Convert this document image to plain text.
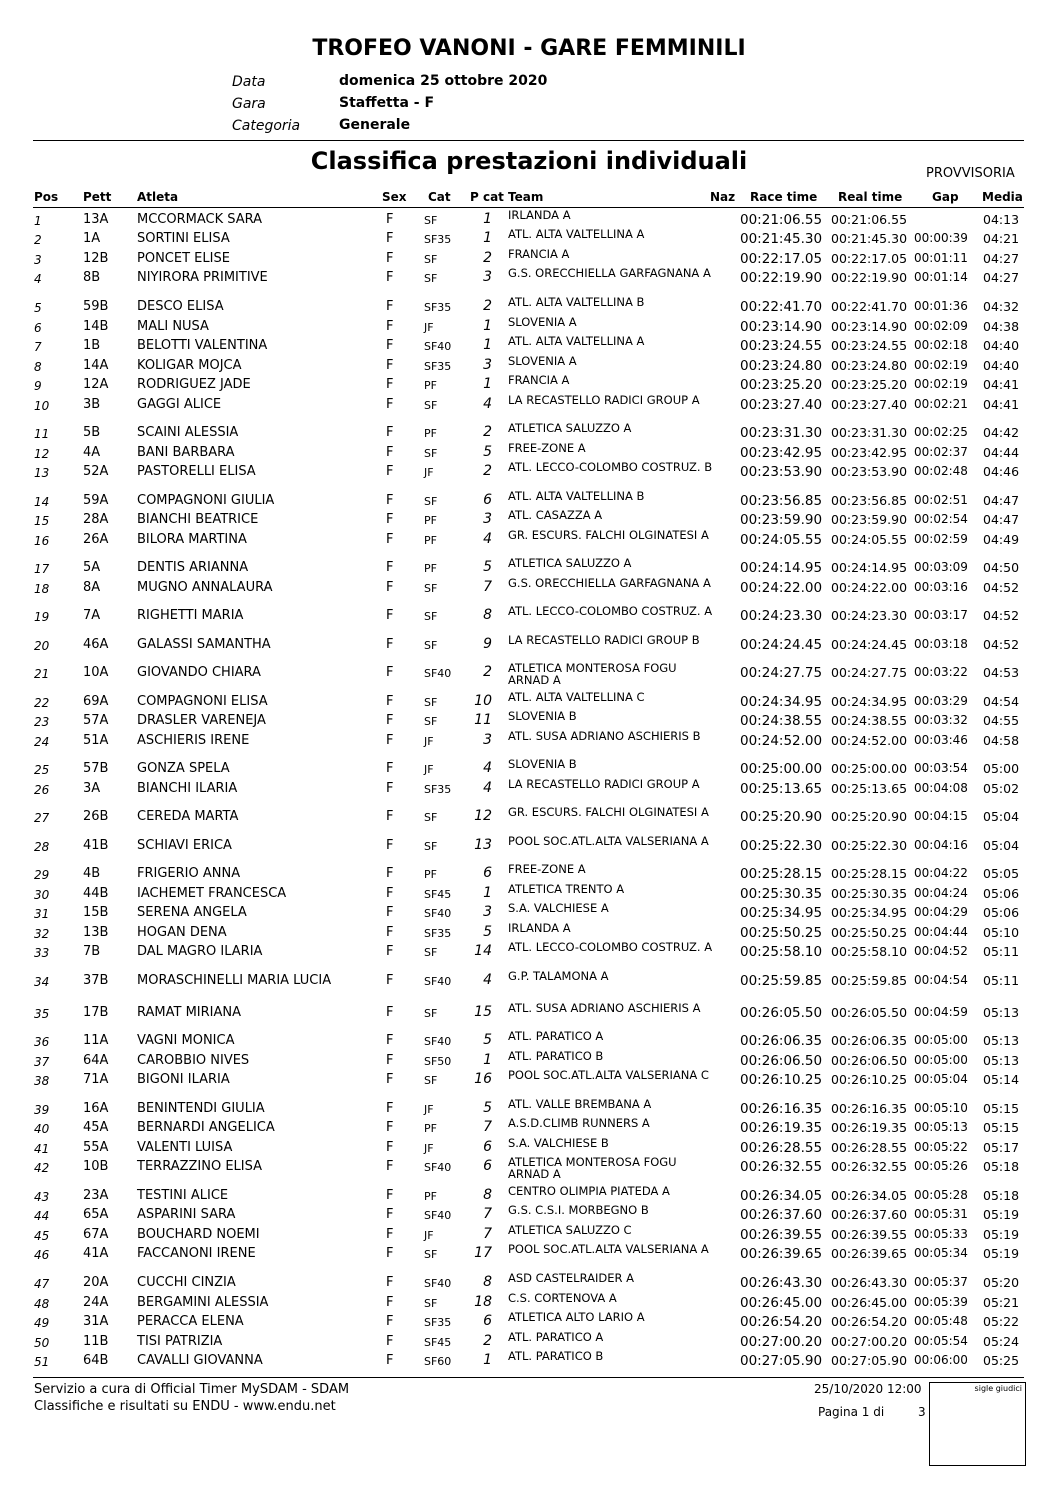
TROFEO VANONI - GARE FEMMINILI
Data	domenica 25 ottobre 2020
Gara	Staffetta - F
Categoria	Generale
Classifica prestazioni individuali	PROVVISORIA
Pos Pett Atleta	Sex Cat P cat Team	Naz Race time Real time Gap Media
1	13A MCCORMACK SARA	F	SF	1 IRLANDA A	00:21:06.55 00:21:06.55	04:13
2	1A	SORTINI ELISA	F	SF35	1 ATL. ALTA VALTELLINA A	00:21:45.30 00:21:45.30 00:00:39 04:21
3	12B PONCET ELISE	F	SF	2 FRANCIA A	00:22:17.05 00:22:17.05 00:01:11 04:27
4	8B	NIYIRORA PRIMITIVE	F	SF	3 G.S. ORECCHIELLA GARFAGNANA A 00:22:19.90 00:22:19.90 00:01:14 04:27
5	59B DESCO ELISA	F	SF35	2 ATL. ALTA VALTELLINA B	00:22:41.70 00:22:41.70 00:01:36 04:32
6	14B MALI NUSA	F	JF	1 SLOVENIA A	00:23:14.90 00:23:14.90 00:02:09 04:38
7	1B	BELOTTI VALENTINA	F	SF40	1 ATL. ALTA VALTELLINA A	00:23:24.55 00:23:24.55 00:02:18 04:40
8	14A KOLIGAR MOJCA	F	SF35	3 SLOVENIA A	00:23:24.80 00:23:24.80 00:02:19 04:40
9	12A RODRIGUEZ JADE	F	PF	1 FRANCIA A	00:23:25.20 00:23:25.20 00:02:19 04:41
10	3B	GAGGI ALICE	F	SF	4 LA RECASTELLO RADICI GROUP A	00:23:27.40 00:23:27.40 00:02:21 04:41
11	5B	SCAINI ALESSIA	F	PF	2 ATLETICA SALUZZO A	00:23:31.30 00:23:31.30 00:02:25 04:42
12	4A	BANI BARBARA	F	SF	5 FREE-ZONE A	00:23:42.95 00:23:42.95 00:02:37 04:44
13	52A PASTORELLI ELISA	F	JF	2 ATL. LECCO-COLOMBO COSTRUZ. B 00:23:53.90 00:23:53.90 00:02:48 04:46
14	59A COMPAGNONI GIULIA	F	SF	6 ATL. ALTA VALTELLINA B	00:23:56.85 00:23:56.85 00:02:51 04:47
15	28A BIANCHI BEATRICE	F	PF	3 ATL. CASAZZA A	00:23:59.90 00:23:59.90 00:02:54 04:47
16	26A BILORA MARTINA	F	PF	4 GR. ESCURS. FALCHI OLGINATESI A	00:24:05.55 00:24:05.55 00:02:59 04:49
17	5A	DENTIS ARIANNA	F	PF	5 ATLETICA SALUZZO A	00:24:14.95 00:24:14.95 00:03:09 04:50
18	8A	MUGNO ANNALAURA	F	SF	7 G.S. ORECCHIELLA GARFAGNANA A 00:24:22.00 00:24:22.00 00:03:16 04:52
19	7A	RIGHETTI MARIA	F	SF	8 ATL. LECCO-COLOMBO COSTRUZ. A 00:24:23.30 00:24:23.30 00:03:17 04:52
20	46A GALASSI SAMANTHA	F	SF	9 LA RECASTELLO RADICI GROUP B	00:24:24.45 00:24:24.45 00:03:18 04:52
21	10A GIOVANDO CHIARA	F	SF40	2 ATLETICA MONTEROSA FOGU ARNAD A	00:24:27.75 00:24:27.75 00:03:22 04:53
22	69A COMPAGNONI ELISA	F	SF	10 ATL. ALTA VALTELLINA C	00:24:34.95 00:24:34.95 00:03:29 04:54
23	57A DRASLER VARENEJA	F	SF	11 SLOVENIA B	00:24:38.55 00:24:38.55 00:03:32 04:55
24	51A ASCHIERIS IRENE	F	JF	3 ATL. SUSA ADRIANO ASCHIERIS B	00:24:52.00 00:24:52.00 00:03:46 04:58
25	57B GONZA SPELA	F	JF	4 SLOVENIA B	00:25:00.00 00:25:00.00 00:03:54 05:00
26	3A	BIANCHI ILARIA	F	SF35	4 LA RECASTELLO RADICI GROUP A	00:25:13.65 00:25:13.65 00:04:08 05:02
27	26B CEREDA MARTA	F	SF	12 GR. ESCURS. FALCHI OLGINATESI A	00:25:20.90 00:25:20.90 00:04:15 05:04
28	41B SCHIAVI ERICA	F	SF	13 POOL SOC.ATL.ALTA VALSERIANA A	00:25:22.30 00:25:22.30 00:04:16 05:04
29	4B	FRIGERIO ANNA	F	PF	6 FREE-ZONE A	00:25:28.15 00:25:28.15 00:04:22 05:05
30	44B IACHEMET FRANCESCA	F	SF45	1 ATLETICA TRENTO A	00:25:30.35 00:25:30.35 00:04:24 05:06
31	15B SERENA ANGELA	F	SF40	3 S.A. VALCHIESE A	00:25:34.95 00:25:34.95 00:04:29 05:06
32	13B HOGAN DENA	F	SF35	5 IRLANDA A	00:25:50.25 00:25:50.25 00:04:44 05:10
33	7B	DAL MAGRO ILARIA	F	SF	14 ATL. LECCO-COLOMBO COSTRUZ. A 00:25:58.10 00:25:58.10 00:04:52 05:11
34	37B MORASCHINELLI MARIA LUCIA	F	SF40	4 G.P. TALAMONA A	00:25:59.85 00:25:59.85 00:04:54 05:11
35	17B RAMAT MIRIANA	F	SF	15 ATL. SUSA ADRIANO ASCHIERIS A	00:26:05.50 00:26:05.50 00:04:59 05:13
36	11A VAGNI MONICA	F	SF40	5 ATL. PARATICO A	00:26:06.35 00:26:06.35 00:05:00 05:13
37	64A CAROBBIO NIVES	F	SF50	1 ATL. PARATICO B	00:26:06.50 00:26:06.50 00:05:00 05:13
38	71A BIGONI ILARIA	F	SF	16 POOL SOC.ATL.ALTA VALSERIANA C	00:26:10.25 00:26:10.25 00:05:04 05:14
39	16A BENINTENDI GIULIA	F	JF	5 ATL. VALLE BREMBANA A	00:26:16.35 00:26:16.35 00:05:10 05:15
40	45A BERNARDI ANGELICA	F	PF	7 A.S.D.CLIMB RUNNERS A	00:26:19.35 00:26:19.35 00:05:13 05:15
41	55A VALENTI LUISA	F	JF	6 S.A. VALCHIESE B	00:26:28.55 00:26:28.55 00:05:22 05:17
42	10B TERRAZZINO ELISA	F	SF40	6 ATLETICA MONTEROSA FOGU ARNAD A	00:26:32.55 00:26:32.55 00:05:26 05:18
43	23A TESTINI ALICE	F	PF	8 CENTRO OLIMPIA PIATEDA A	00:26:34.05 00:26:34.05 00:05:28 05:18
44	65A ASPARINI SARA	F	SF40	7 G.S. C.S.I. MORBEGNO B	00:26:37.60 00:26:37.60 00:05:31 05:19
45	67A BOUCHARD NOEMI	F	JF	7 ATLETICA SALUZZO C	00:26:39.55 00:26:39.55 00:05:33 05:19
46	41A FACCANONI IRENE	F	SF	17 POOL SOC.ATL.ALTA VALSERIANA A	00:26:39.65 00:26:39.65 00:05:34 05:19
47	20A CUCCHI CINZIA	F	SF40	8 ASD CASTELRAIDER A	00:26:43.30 00:26:43.30 00:05:37 05:20
48	24A BERGAMINI ALESSIA	F	SF	18 C.S. CORTENOVA A	00:26:45.00 00:26:45.00 00:05:39 05:21
49	31A PERACCA ELENA	F	SF35	6 ATLETICA ALTO LARIO A	00:26:54.20 00:26:54.20 00:05:48 05:22
50	11B TISI PATRIZIA	F	SF45	2 ATL. PARATICO A	00:27:00.20 00:27:00.20 00:05:54 05:24
51	64B CAVALLI GIOVANNA	F	SF60	1 ATL. PARATICO B	00:27:05.90 00:27:05.90 00:06:00 05:25
Servizio a cura di Official Timer MySDAM - SDAM
Classifiche e risultati su ENDU - www.endu.net
25/10/2020 12:00
Pagina 1 di	3
sigle giudici
